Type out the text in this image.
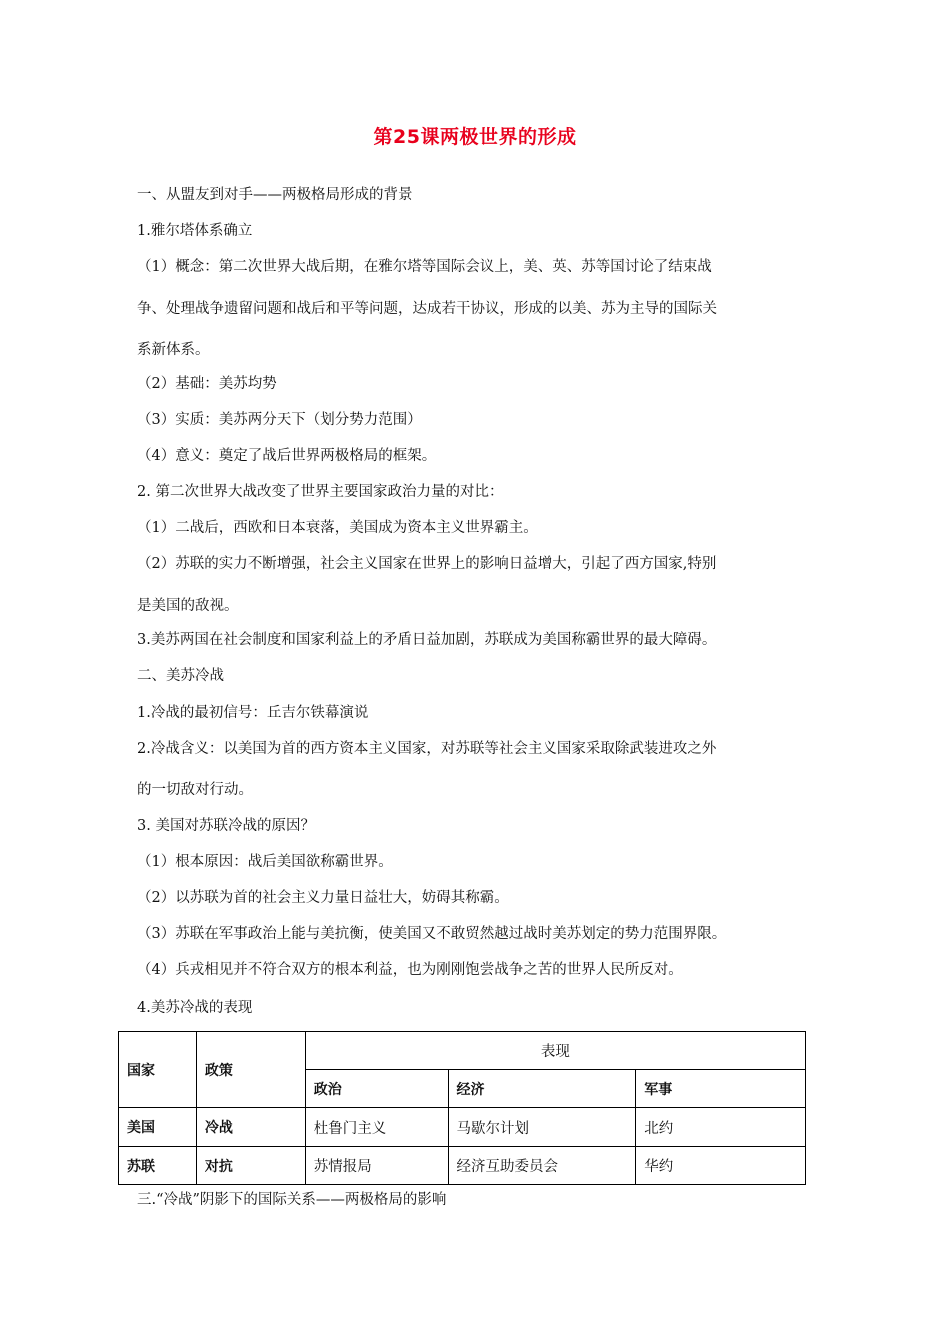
第25课两极世界的形成
一、从盟友到对手——两极格局形成的背景
1.雅尔塔体系确立
（1）概念：第二次世界大战后期，在雅尔塔等国际会议上，美、英、苏等国讨论了结束战
争、处理战争遗留问题和战后和平等问题，达成若干协议，形成的以美、苏为主导的国际关
系新体系。
（2）基础：美苏均势
（3）实质：美苏两分天下（划分势力范围）
（4）意义：奠定了战后世界两极格局的框架。
2. 第二次世界大战改变了世界主要国家政治力量的对比：
（1）二战后，西欧和日本衰落，美国成为资本主义世界霸主。
（2）苏联的实力不断增强，社会主义国家在世界上的影响日益增大，引起了西方国家,特别
是美国的敌视。
3.美苏两国在社会制度和国家利益上的矛盾日益加剧，苏联成为美国称霸世界的最大障碍。
二、美苏冷战
1.冷战的最初信号：丘吉尔铁幕演说
2.冷战含义：以美国为首的西方资本主义国家，对苏联等社会主义国家采取除武装进攻之外
的一切敌对行动。
3. 美国对苏联冷战的原因？
（1）根本原因：战后美国欲称霸世界。
（2）以苏联为首的社会主义力量日益壮大，妨碍其称霸。
（3）苏联在军事政治上能与美抗衡，使美国又不敢贸然越过战时美苏划定的势力范围界限。
（4）兵戎相见并不符合双方的根本利益，也为刚刚饱尝战争之苦的世界人民所反对。
4.美苏冷战的表现
国家	政策	表现		
		政治	经济	军事
美国	冷战	杜鲁门主义	马歇尔计划	北约
苏联	对抗	苏情报局	经济互助委员会	华约
三.“冷战”阴影下的国际关系——两极格局的影响
